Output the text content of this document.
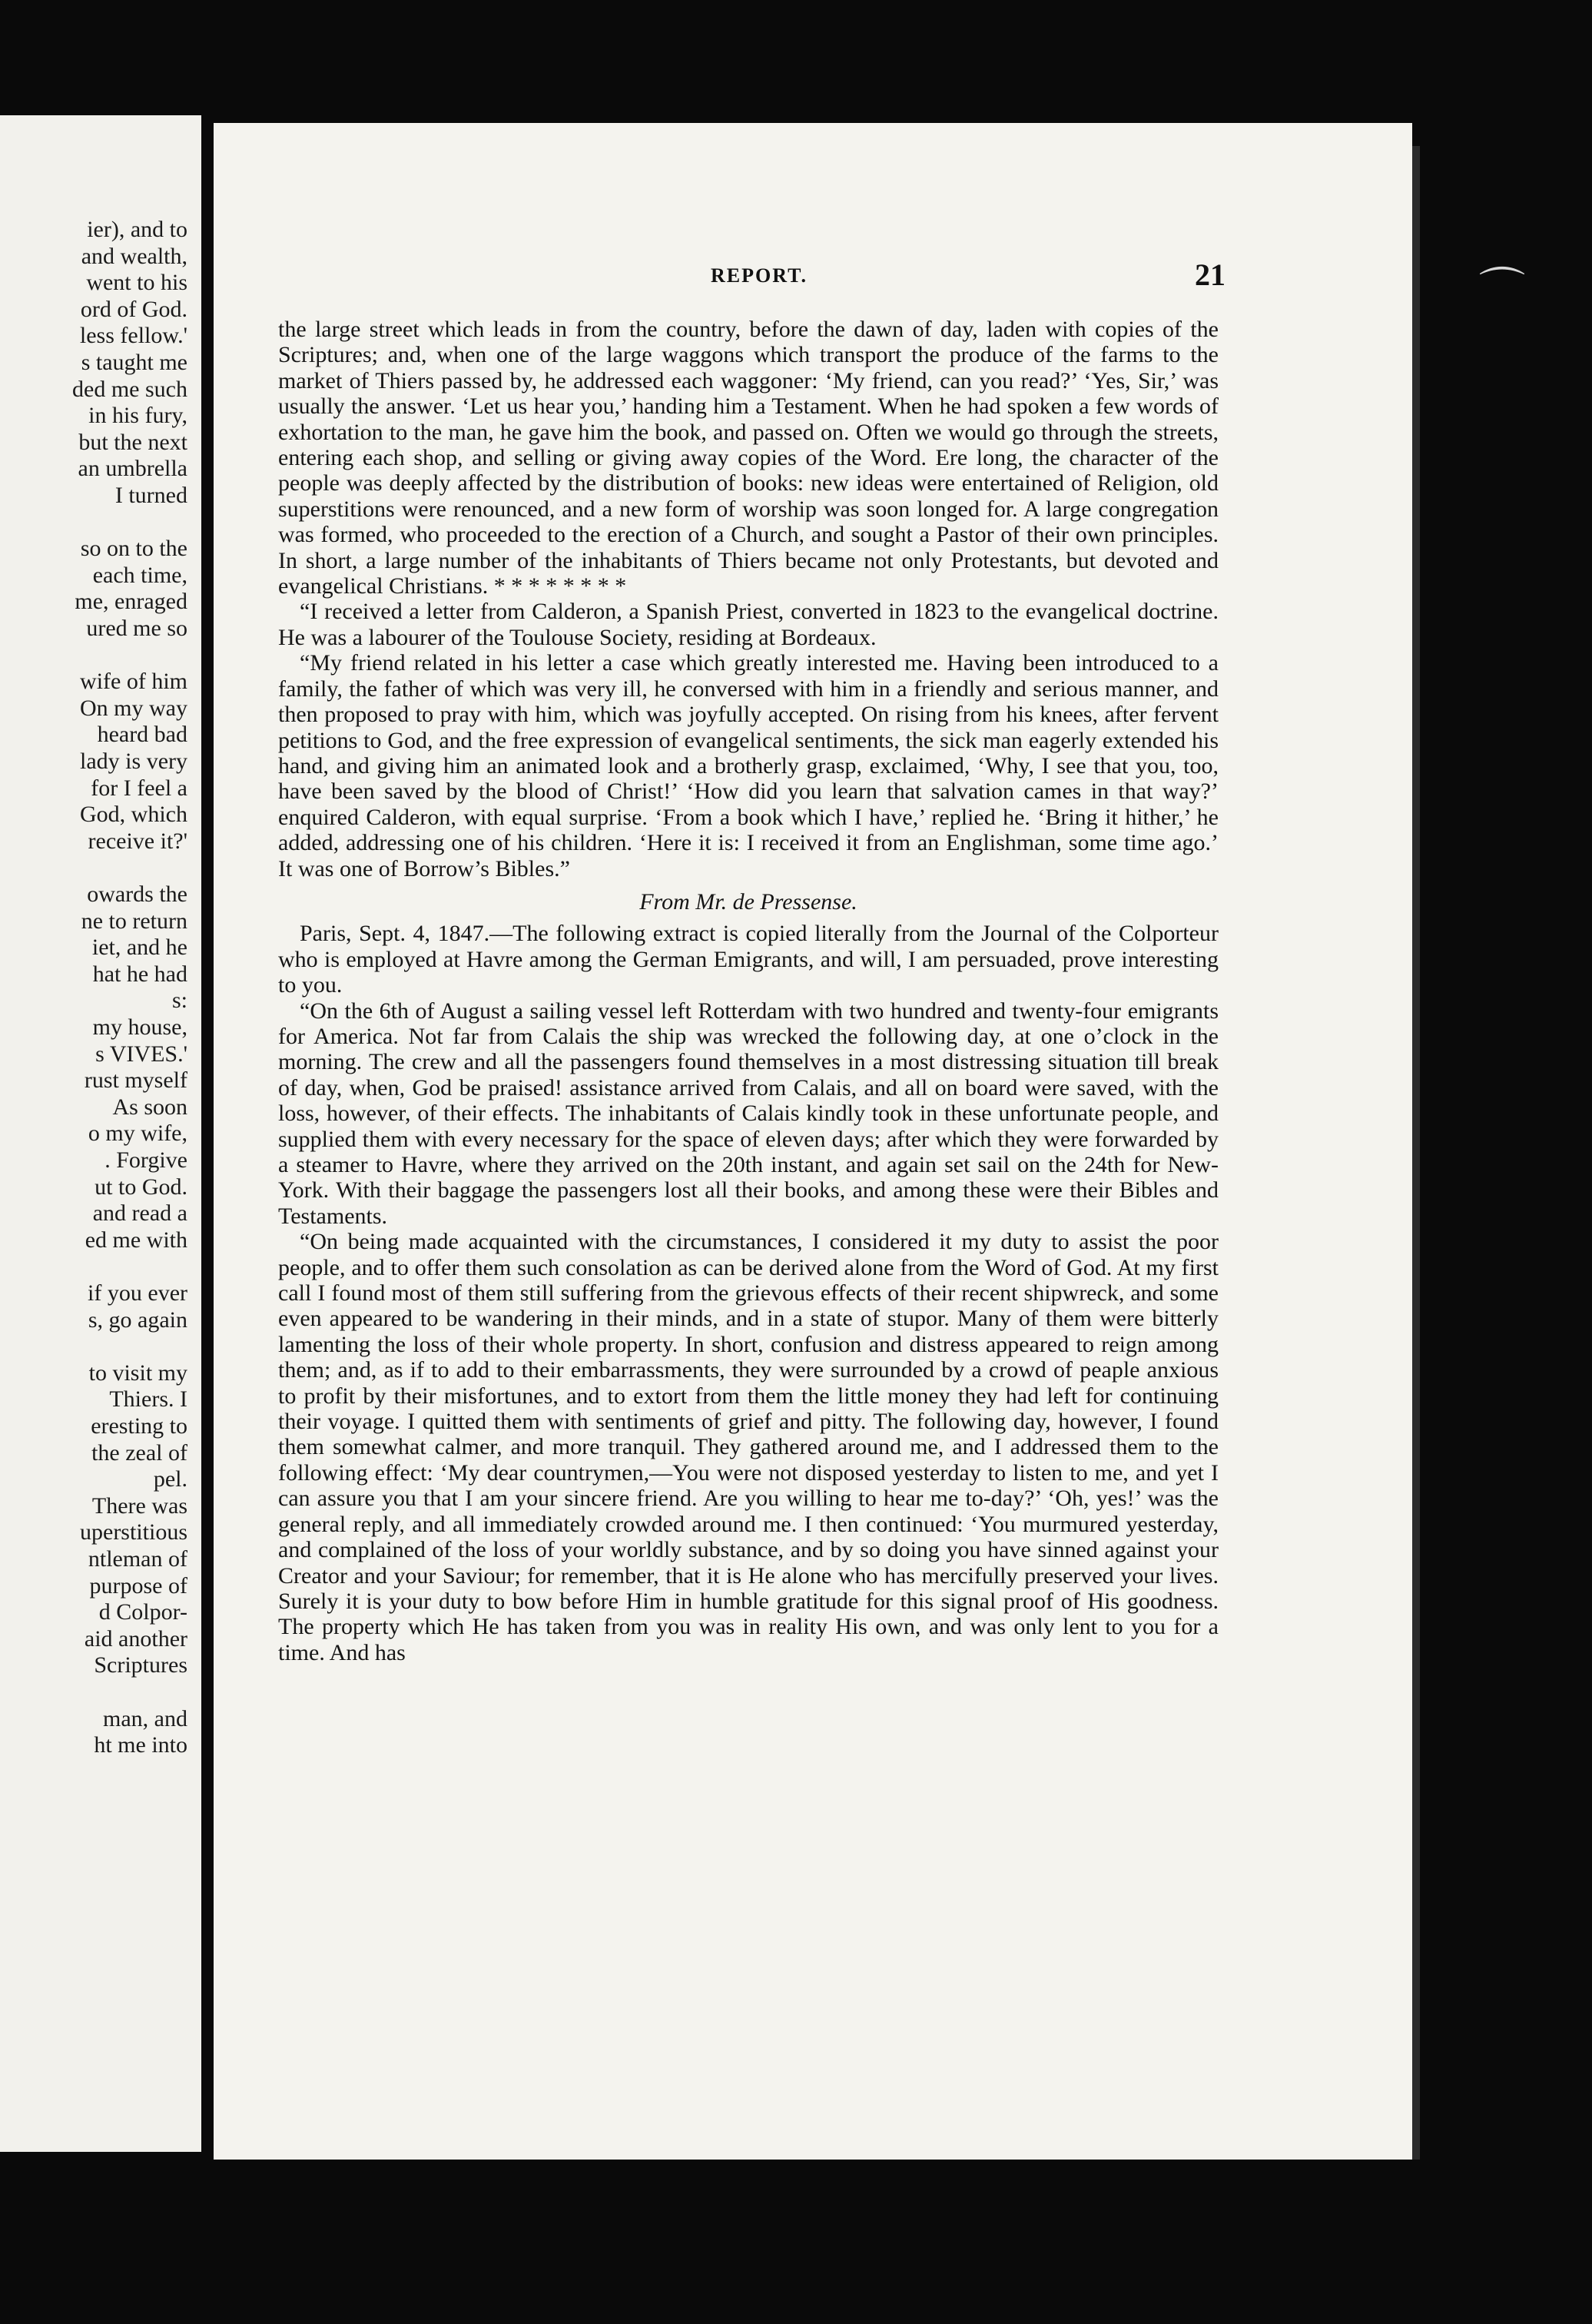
ier), and to
and wealth,
went to his
ord of God.
less fellow.'
s taught me
ded me such
in his fury,
but the next
an umbrella
I turned
so on to the
each time,
me, enraged
ured me so
wife of him
On my way
heard bad
lady is very
for I feel a
God, which
receive it?'
owards the
ne to return
iet, and he
hat he had
s:
my house,
s VIVES.'
rust myself
As soon
o my wife,
. Forgive
ut to God.
and read a
ed me with
if you ever
s, go again
to visit my
Thiers. I
eresting to
the zeal of
pel.
There was
uperstitious
ntleman of
purpose of
d Colpor-
aid another
Scriptures
man, and
ht me into
REPORT.	21

the large street which leads in from the country, before the dawn of day, laden with copies of the Scriptures; and, when one of the large waggons which transport the produce of the farms to the market of Thiers passed by, he addressed each waggoner: ‘My friend, can you read?’ ‘Yes, Sir,’ was usually the answer. ‘Let us hear you,’ handing him a Testament. When he had spoken a few words of exhortation to the man, he gave him the book, and passed on. Often we would go through the streets, entering each shop, and selling or giving away copies of the Word. Ere long, the character of the people was deeply affected by the distribution of books: new ideas were entertained of Religion, old superstitions were renounced, and a new form of worship was soon longed for. A large congregation was formed, who proceeded to the erection of a Church, and sought a Pastor of their own principles. In short, a large number of the inhabitants of Thiers became not only Protestants, but devoted and evangelical Christians. * * * * * * * *

“I received a letter from Calderon, a Spanish Priest, converted in 1823 to the evangelical doctrine. He was a labourer of the Toulouse Society, residing at Bordeaux.

“My friend related in his letter a case which greatly interested me. Having been introduced to a family, the father of which was very ill, he conversed with him in a friendly and serious manner, and then proposed to pray with him, which was joyfully accepted. On rising from his knees, after fervent petitions to God, and the free expression of evangelical sentiments, the sick man eagerly extended his hand, and giving him an animated look and a brotherly grasp, exclaimed, ‘Why, I see that you, too, have been saved by the blood of Christ!’ ‘How did you learn that salvation cames in that way?’ enquired Calderon, with equal surprise. ‘From a book which I have,’ replied he. ‘Bring it hither,’ he added, addressing one of his children. ‘Here it is: I received it from an Englishman, some time ago.’ It was one of Borrow’s Bibles.”

From Mr. de Pressense.

Paris, Sept. 4, 1847.—The following extract is copied literally from the Journal of the Colporteur who is employed at Havre among the German Emigrants, and will, I am persuaded, prove interesting to you.

“On the 6th of August a sailing vessel left Rotterdam with two hundred and twenty-four emigrants for America. Not far from Calais the ship was wrecked the following day, at one o’clock in the morning. The crew and all the passengers found themselves in a most distressing situation till break of day, when, God be praised! assistance arrived from Calais, and all on board were saved, with the loss, however, of their effects. The inhabitants of Calais kindly took in these unfortunate people, and supplied them with every necessary for the space of eleven days; after which they were forwarded by a steamer to Havre, where they arrived on the 20th instant, and again set sail on the 24th for New-York. With their baggage the passengers lost all their books, and among these were their Bibles and Testaments.

“On being made acquainted with the circumstances, I considered it my duty to assist the poor people, and to offer them such consolation as can be derived alone from the Word of God. At my first call I found most of them still suffering from the grievous effects of their recent shipwreck, and some even appeared to be wandering in their minds, and in a state of stupor. Many of them were bitterly lamenting the loss of their whole property. In short, confusion and distress appeared to reign among them; and, as if to add to their embarrassments, they were surrounded by a crowd of peaple anxious to profit by their misfortunes, and to extort from them the little money they had left for continuing their voyage. I quitted them with sentiments of grief and pitty. The following day, however, I found them somewhat calmer, and more tranquil. They gathered around me, and I addressed them to the following effect: ‘My dear countrymen,—You were not disposed yesterday to listen to me, and yet I can assure you that I am your sincere friend. Are you willing to hear me to-day?’ ‘Oh, yes!’ was the general reply, and all immediately crowded around me. I then continued: ‘You murmured yesterday, and complained of the loss of your worldly substance, and by so doing you have sinned against your Creator and your Saviour; for remember, that it is He alone who has mercifully preserved your lives. Surely it is your duty to bow before Him in humble gratitude for this signal proof of His goodness. The property which He has taken from you was in reality His own, and was only lent to you for a time. And has

⌒
